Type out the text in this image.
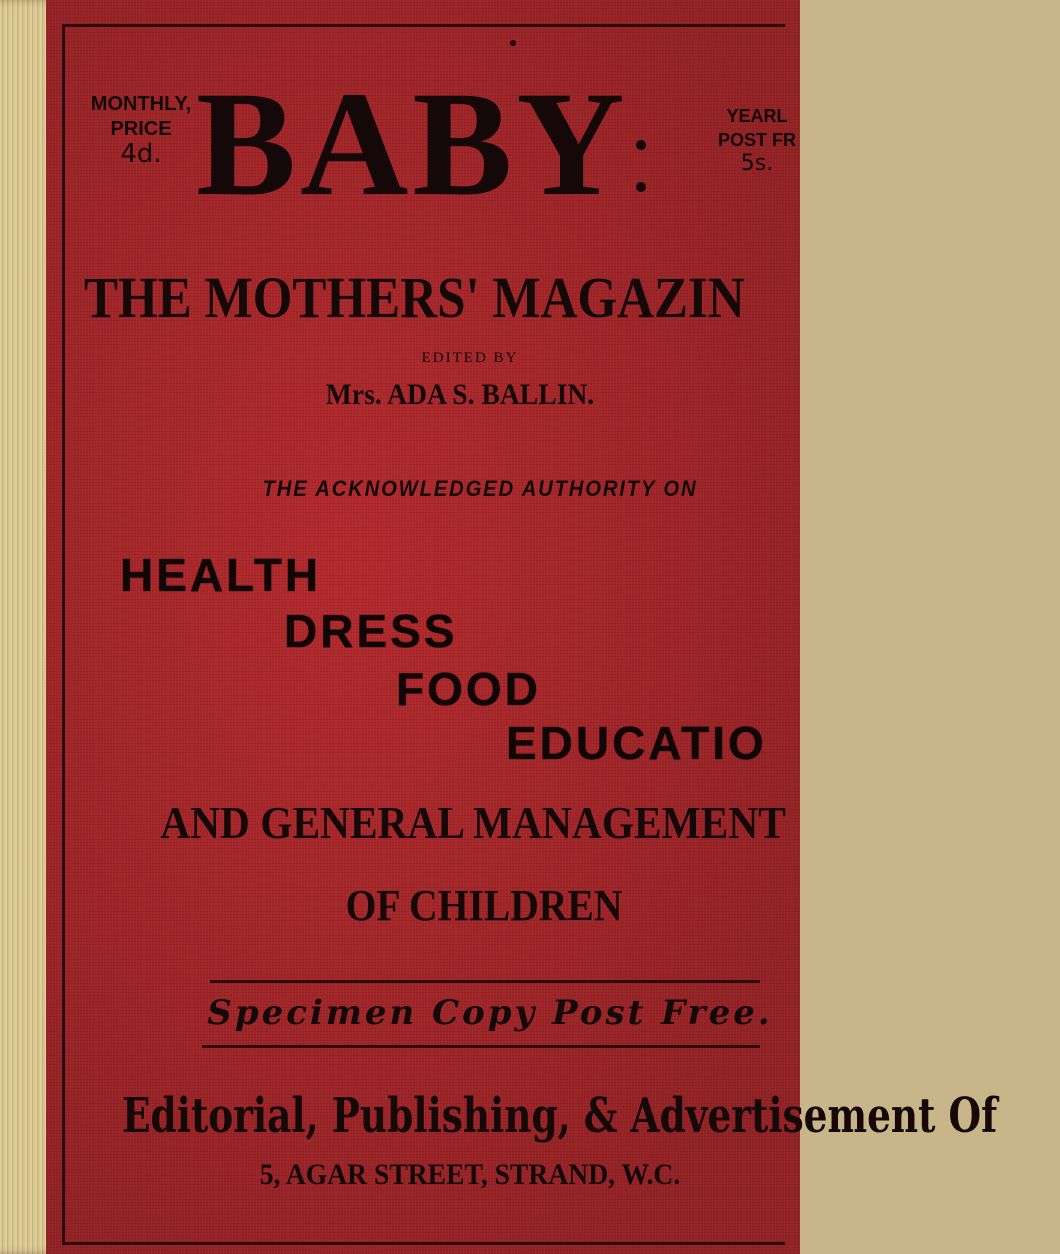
MONTHLY,
PRICE
4d. BABY	YEARL
POST FR
5s.
THE MOTHERS' MAGAZIN
EDITED BY
Mrs. ADA S. BALLIN.
THE ACKNOWLEDGED AUTHORITY ON
HEALTH
DRESS
FOOD
EDUCATIO
AND GENERAL MANAGEMENT
OF CHILDREN
Specimen Copy Post Free.
Editorial, Publishing, & Advertisement Of
5, AGAR STREET, STRAND, W.C.
